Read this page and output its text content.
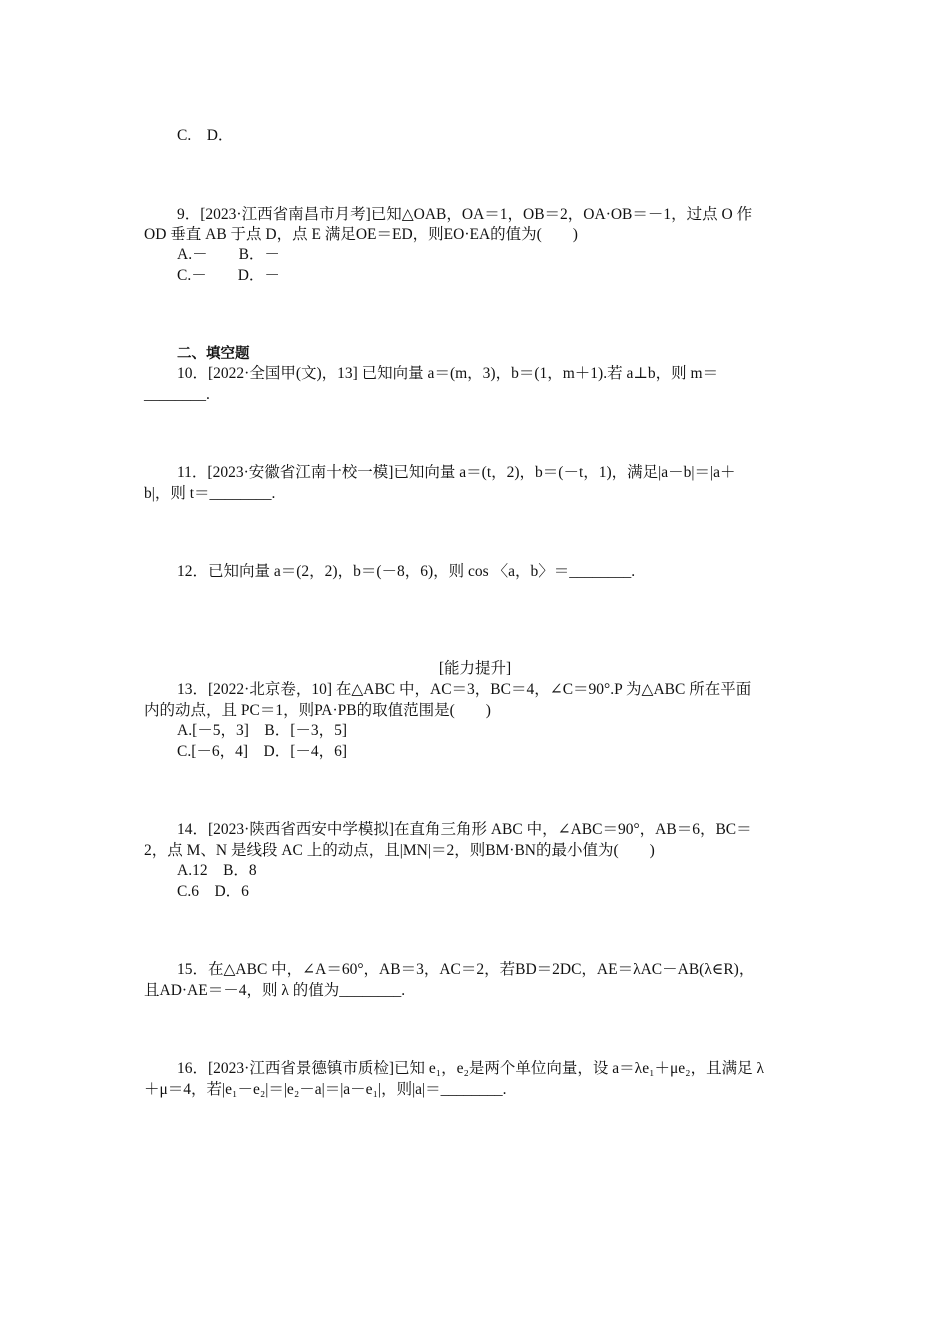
C.　D．
9．[2023·江西省南昌市月考]已知△OAB，OA＝1，OB＝2，OA·OB＝－1，过点 O 作
OD 垂直 AB 于点 D，点 E 满足OE＝ED，则EO·EA的值为(　　)
A.－　　B．－
C.－　　D．－
二、填空题
10．[2022·全国甲(文)，13] 已知向量 a＝(m，3)，b＝(1，m＋1).若 a⊥b，则 m＝
________.
11．[2023·安徽省江南十校一模]已知向量 a＝(t，2)，b＝(－t，1)，满足|a－b|＝|a＋
b|，则 t＝________.
12．已知向量 a＝(2，2)，b＝(－8，6)，则 cos 〈a，b〉＝________.
[能力提升]
13．[2022·北京卷，10] 在△ABC 中，AC＝3，BC＝4，∠C＝90°.P 为△ABC 所在平面
内的动点，且 PC＝1，则PA·PB的取值范围是(　　)
A.[－5，3]　B．[－3，5]
C.[－6，4]　D．[－4，6]
14．[2023·陕西省西安中学模拟]在直角三角形 ABC 中，∠ABC＝90°，AB＝6，BC＝
2，点 M、N 是线段 AC 上的动点，且|MN|＝2，则BM·BN的最小值为(　　)
A.12　B．8
C.6　D．6
15．在△ABC 中，∠A＝60°，AB＝3，AC＝2，若BD＝2DC，AE＝λAC－AB(λ∈R)，
且AD·AE＝－4，则 λ 的值为________.
16．[2023·江西省景德镇市质检]已知 e₁，e₂是两个单位向量，设 a＝λe₁＋μe₂，且满足 λ
＋μ＝4，若|e₁－e₂|＝|e₂－a|＝|a－e₁|，则|a|＝________.
